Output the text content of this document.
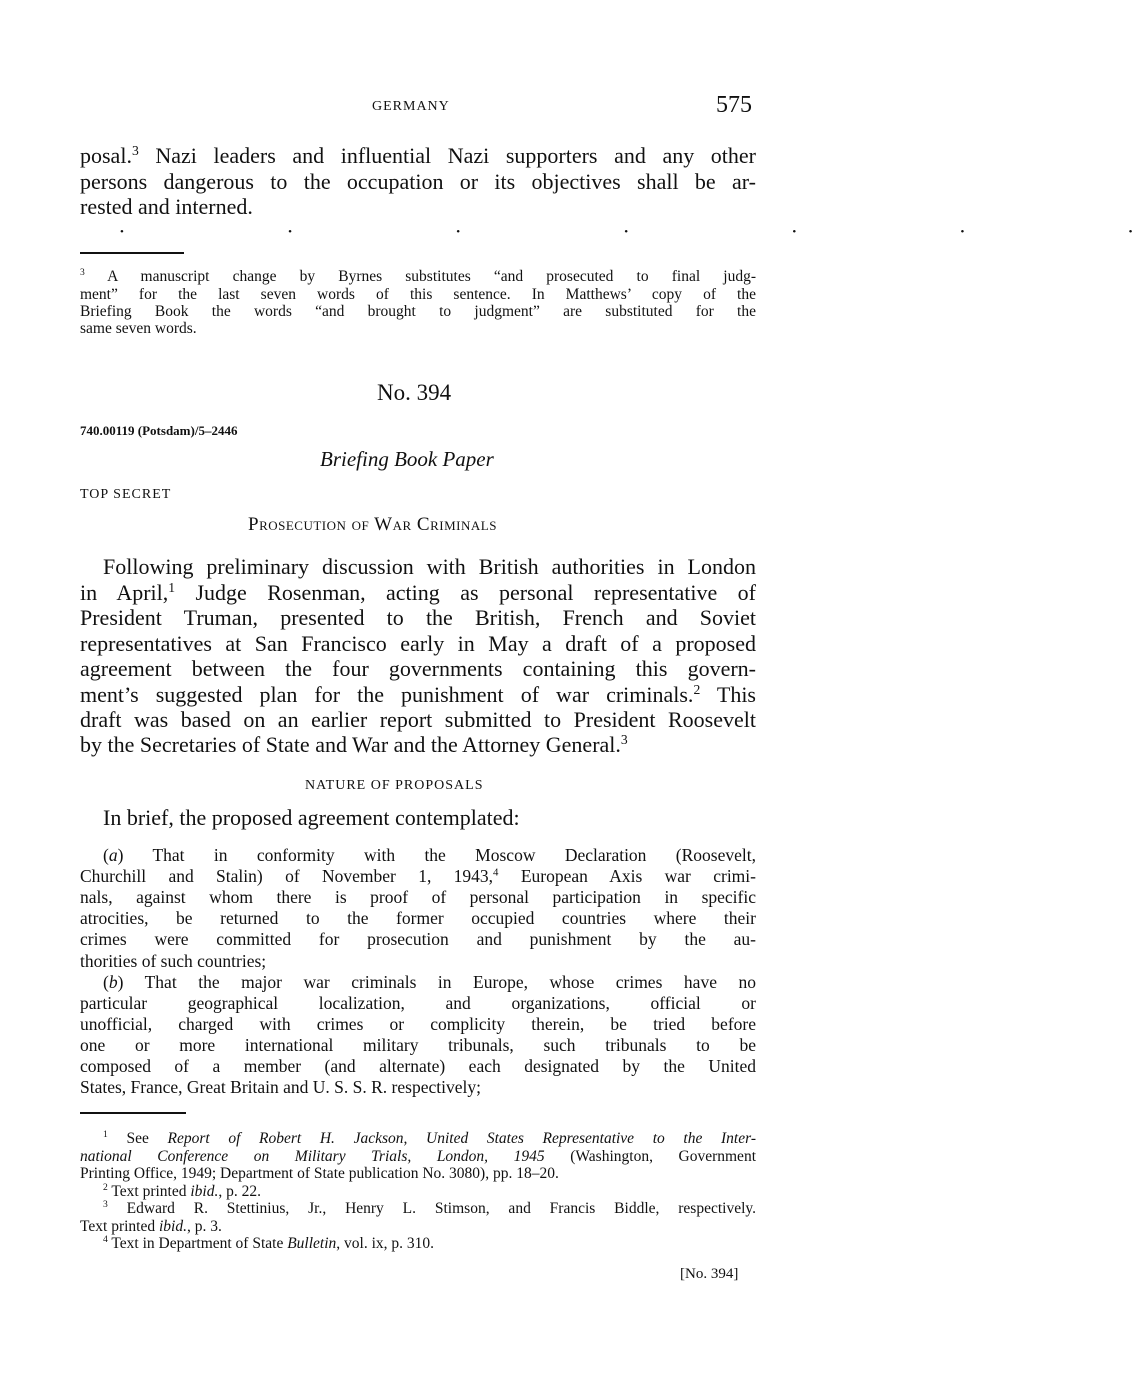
GERMANY	575
posal.$^3$ Nazi leaders and influential Nazi supporters and any other
persons dangerous to the occupation or its objectives shall be ar-
rested and interned.
•   •   •   •   •   •   •
$^3$ A manuscript change by Byrnes substitutes “and prosecuted to final judg-
ment” for the last seven words of this sentence. In Matthews’ copy of the
Briefing Book the words “and brought to judgment” are substituted for the
same seven words.
No. 394
740.00119 (Potsdam)/5–2446
Briefing Book Paper
TOP SECRET
Prosecution of War Criminals
Following preliminary discussion with British authorities in London
in April,$^1$ Judge Rosenman, acting as personal representative of
President Truman, presented to the British, French and Soviet
representatives at San Francisco early in May a draft of a proposed
agreement between the four governments containing this govern-
ment’s suggested plan for the punishment of war criminals.$^2$ This
draft was based on an earlier report submitted to President Roosevelt
by the Secretaries of State and War and the Attorney General.$^3$
NATURE OF PROPOSALS
In brief, the proposed agreement contemplated:
(a) That in conformity with the Moscow Declaration (Roosevelt,
Churchill and Stalin) of November 1, 1943,$^4$ European Axis war crimi-
nals, against whom there is proof of personal participation in specific
atrocities, be returned to the former occupied countries where their
crimes were committed for prosecution and punishment by the au-
thorities of such countries;
(b) That the major war criminals in Europe, whose crimes have no
particular geographical localization, and organizations, official or
unofficial, charged with crimes or complicity therein, be tried before
one or more international military tribunals, such tribunals to be
composed of a member (and alternate) each designated by the United
States, France, Great Britain and U. S. S. R. respectively;
$^1$ See Report of Robert H. Jackson, United States Representative to the Inter-
national Conference on Military Trials, London, 1945 (Washington, Government
Printing Office, 1949; Department of State publication No. 3080), pp. 18–20.
$^2$ Text printed ibid., p. 22.
$^3$ Edward R. Stettinius, Jr., Henry L. Stimson, and Francis Biddle, respectively.
Text printed ibid., p. 3.
$^4$ Text in Department of State Bulletin, vol. ix, p. 310.
[No. 394]
